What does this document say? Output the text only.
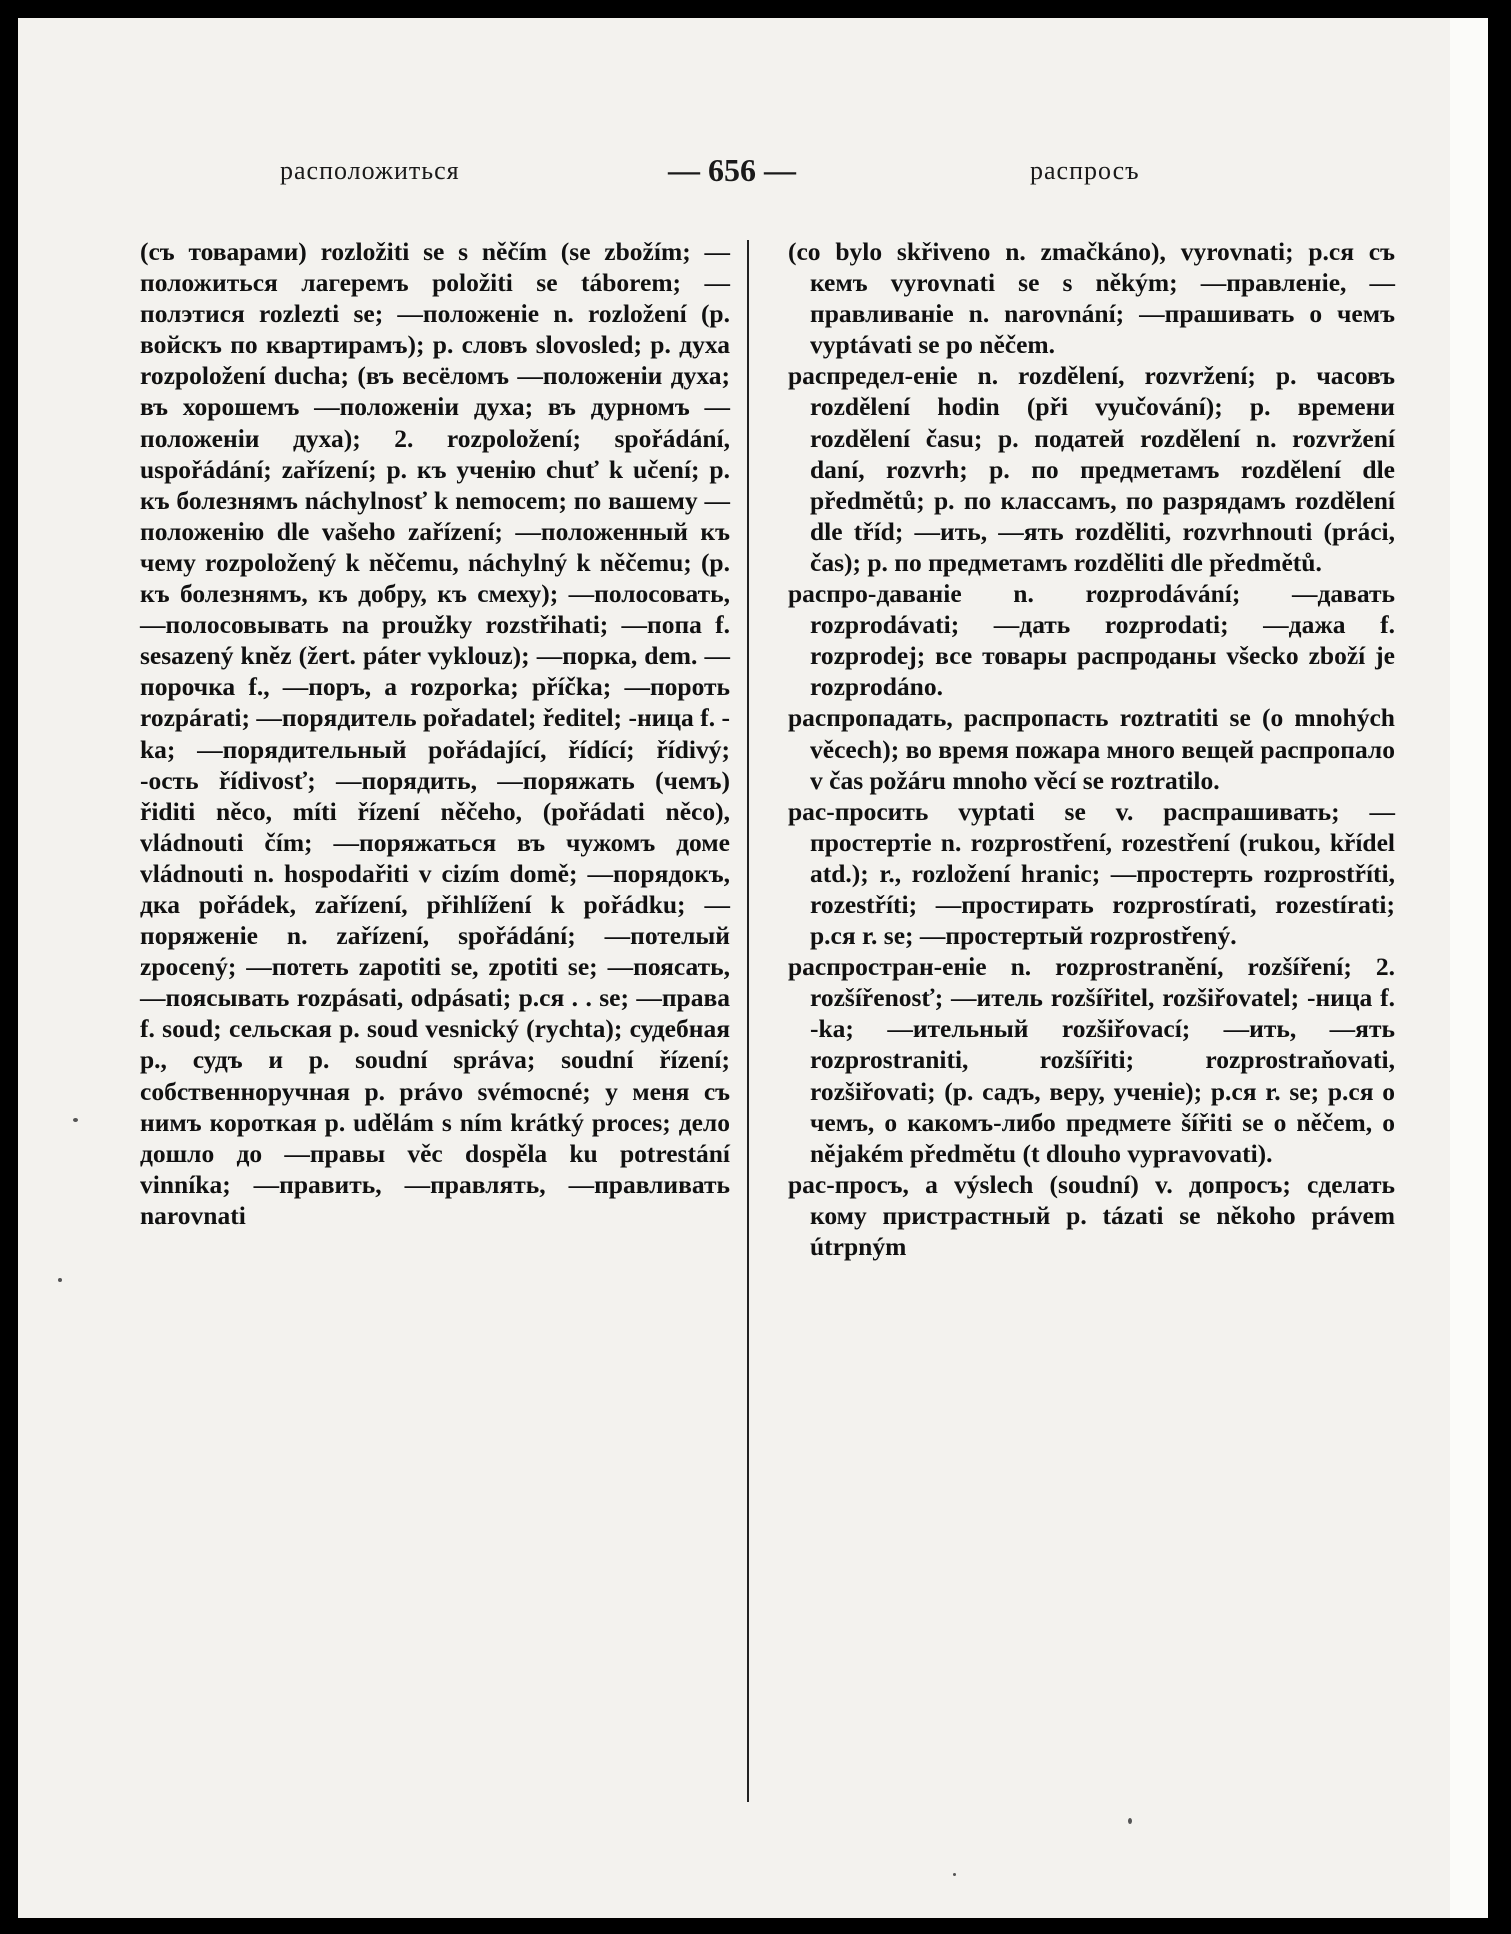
расположиться	— 656 —	распросъ

(съ товарами) rozložiti se s něčím (se zbožím; —положиться лагеремъ položiti se táborem; —полэтися rozlezti se; —положеніе n. rozložení (p. войскъ по квартирамъ); p. словъ slovosled; p. духа rozpoložení ducha; (въ весёломъ —положеніи духа; въ хорошемъ —положеніи духа; въ дурномъ —положеніи духа); 2. rozpoložení; spořádání, uspořádání; zařízení; p. къ ученію chuť k učení; p. къ болезнямъ náchylnosť k nemocem; по вашему —положенію dle vašeho zařízení; —положенный къ чему rozpoložený k něčemu, náchylný k něčemu; (p. къ болезнямъ, къ добру, къ смеху); —полосовать, —полосовывать na proužky rozstřihati; —попа f. sesazený kněz (žert. páter vyklouz); —порка, dem. —порочка f., —поръ, a rozporka; příčka; —пороть rozpárati; —порядитель pořadatel; ředitel; -ница f. -ka; —порядительный pořádající, řídící; řídivý; -ость řídivosť; —порядить, —поряжать (чемъ) řiditi něco, míti řízení něčeho, (pořádati něco), vládnouti čím; —поряжаться въ чужомъ доме vládnouti n. hospodařiti v cizím domě; —порядокъ, дка pořádek, zařízení, přihlížení k pořádku; —поряженіе n. zařízení, spořádání; —потелый zpocený; —потеть zapotiti se, zpotiti se; —поясать, —поясывать rozpásati, odpásati; р.ся . . se; —права f. soud; сельская p. soud vesnický (rychta); судебная p., судъ и p. soudní správa; soudní řízení; собственноручная p. právo svémocné; у меня съ нимъ короткая p. udělám s ním krátký proces; дело дошло до —правы věc dospěla ku potrestání vinníka; —править, —правлять, —правливать narovnati

(co bylo skřiveno n. zmačkáno), vyrovnati; р.ся съ кемъ vyrovnati se s někým; —правленіе, —правливаніе n. narovnání; —прашивать о чемъ vyptávati se po něčem.

распредел-еніе n. rozdělení, rozvržení; p. часовъ rozdělení hodin (při vyučování); p. времени rozdělení času; p. податей rozdělení n. rozvržení daní, rozvrh; p. по предметамъ rozdělení dle předmětů; p. по классамъ, по разрядамъ rozdělení dle tříd; —ить, —ять rozděliti, rozvrhnouti (práci, čas); p. по предметамъ rozděliti dle předmětů.

распро-даваніе n. rozprodávání; —давать rozprodávati; —дать rozprodati; —дажа f. rozprodej; все товары распроданы všecko zboží je rozprodáno.

распропадать, распропасть roztratiti se (o mnohých věcech); во время пожара много вещей распропало v čas požáru mnoho věcí se roztratilo.

рас-просить vyptati se v. распрашивать; —простертіе n. rozprostření, rozestření (rukou, křídel atd.); r., rozložení hranic; —простерть rozprostříti, rozestříti; —простирать rozprostírati, rozestírati; р.ся r. se; —простертый rozprostřený.

распростран-еніе n. rozprostranění, rozšíření; 2. rozšířenosť; —итель rozšířitel, rozšiřovatel; -ница f. -ka; —ительный rozšiřovací; —ить, —ять rozprostraniti, rozšířiti; rozprostraňovati, rozšiřovati; (p. садъ, веру, ученіе); р.ся r. se; р.ся о чемъ, о какомъ-либо предмете šířiti se o něčem, o nějakém předmětu (t dlouho vypravovati).

рас-просъ, a výslech (soudní) v. допросъ; сделать кому пристрастный p. tázati se někoho právem útrpným
